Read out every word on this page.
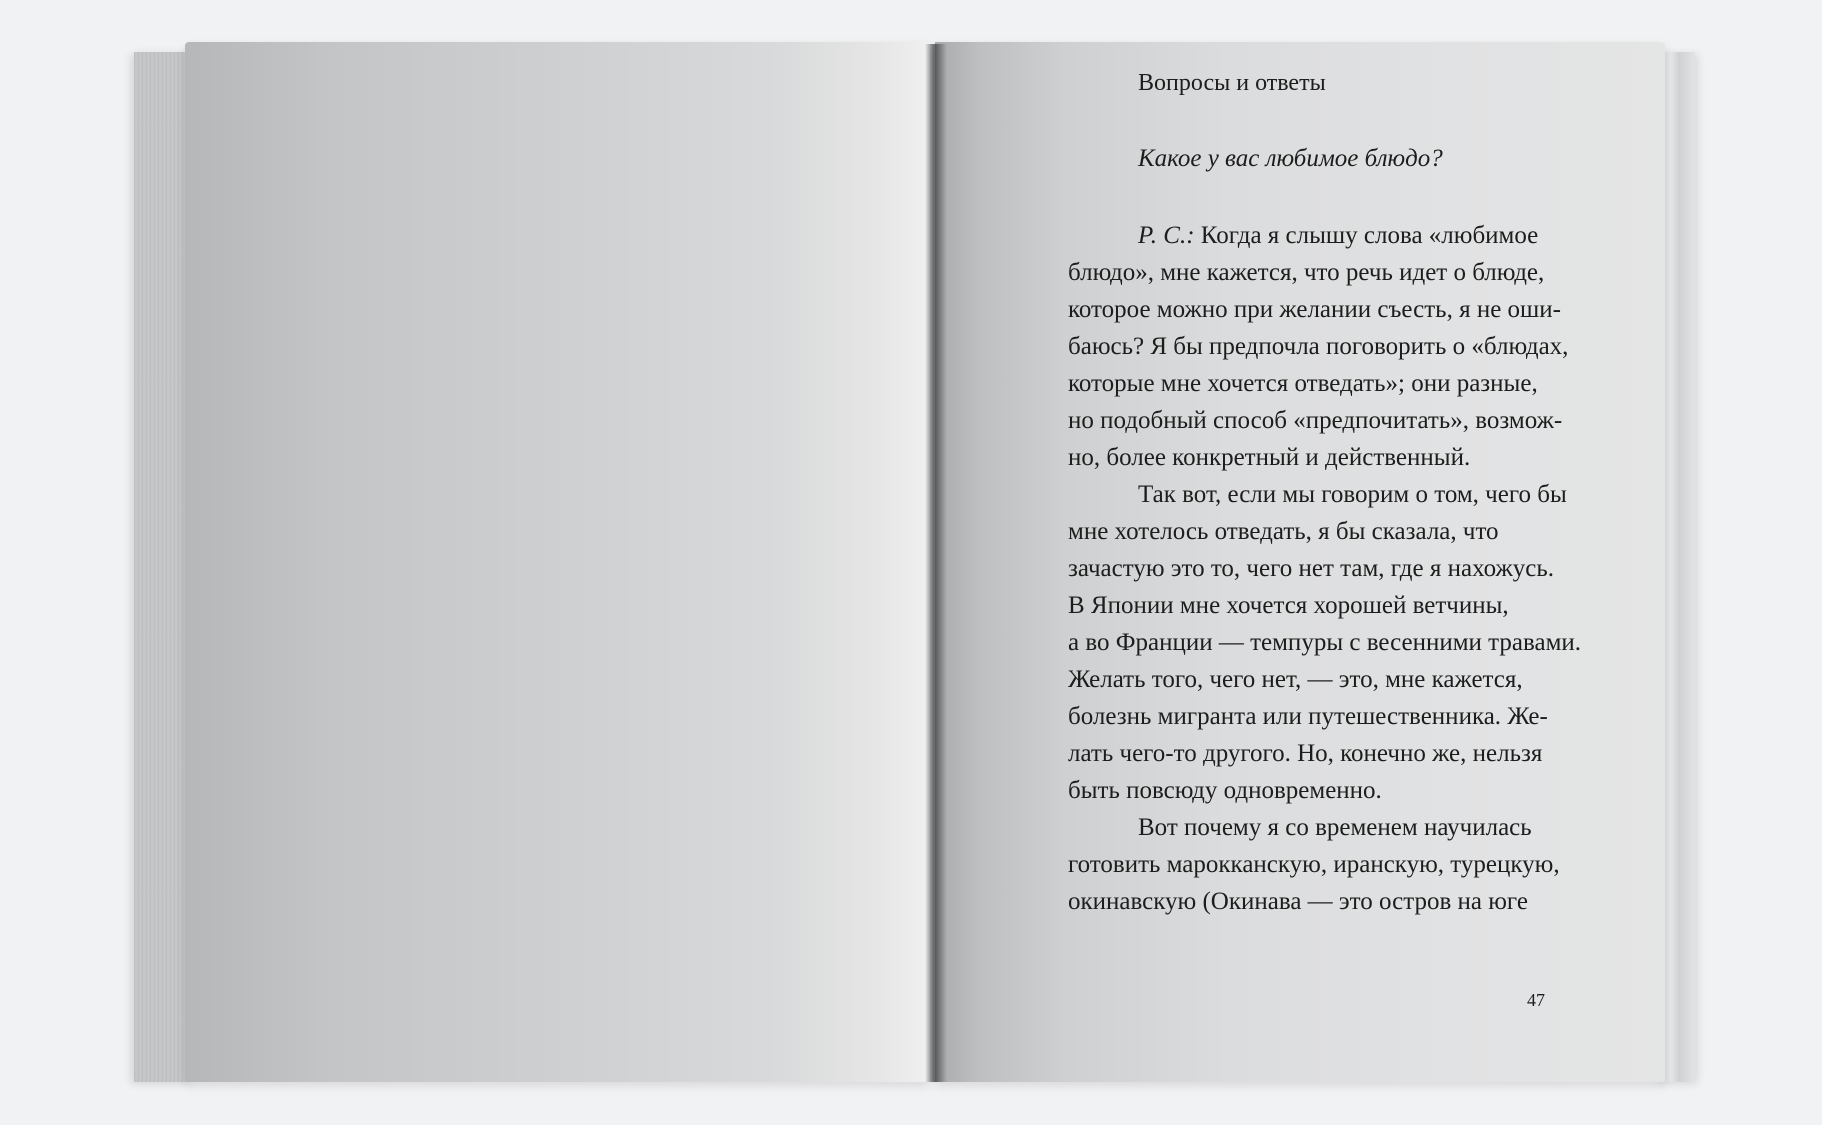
Вопросы и ответы
Какое у вас любимое блюдо?
Р. С.: Когда я слышу слова «любимое
блюдо», мне кажется, что речь идет о блюде,
которое можно при желании съесть, я не оши-
баюсь? Я бы предпочла поговорить о «блюдах,
которые мне хочется отведать»; они разные,
но подобный способ «предпочитать», возмож-
но, более конкретный и действенный.
Так вот, если мы говорим о том, чего бы
мне хотелось отведать, я бы сказала, что
зачастую это то, чего нет там, где я нахожусь.
В Японии мне хочется хорошей ветчины,
а во Франции — темпуры с весенними травами.
Желать того, чего нет, — это, мне кажется,
болезнь мигранта или путешественника. Же-
лать чего-то другого. Но, конечно же, нельзя
быть повсюду одновременно.
Вот почему я со временем научилась
готовить марокканскую, иранскую, турецкую,
окинавскую (Окинава — это остров на юге
47
